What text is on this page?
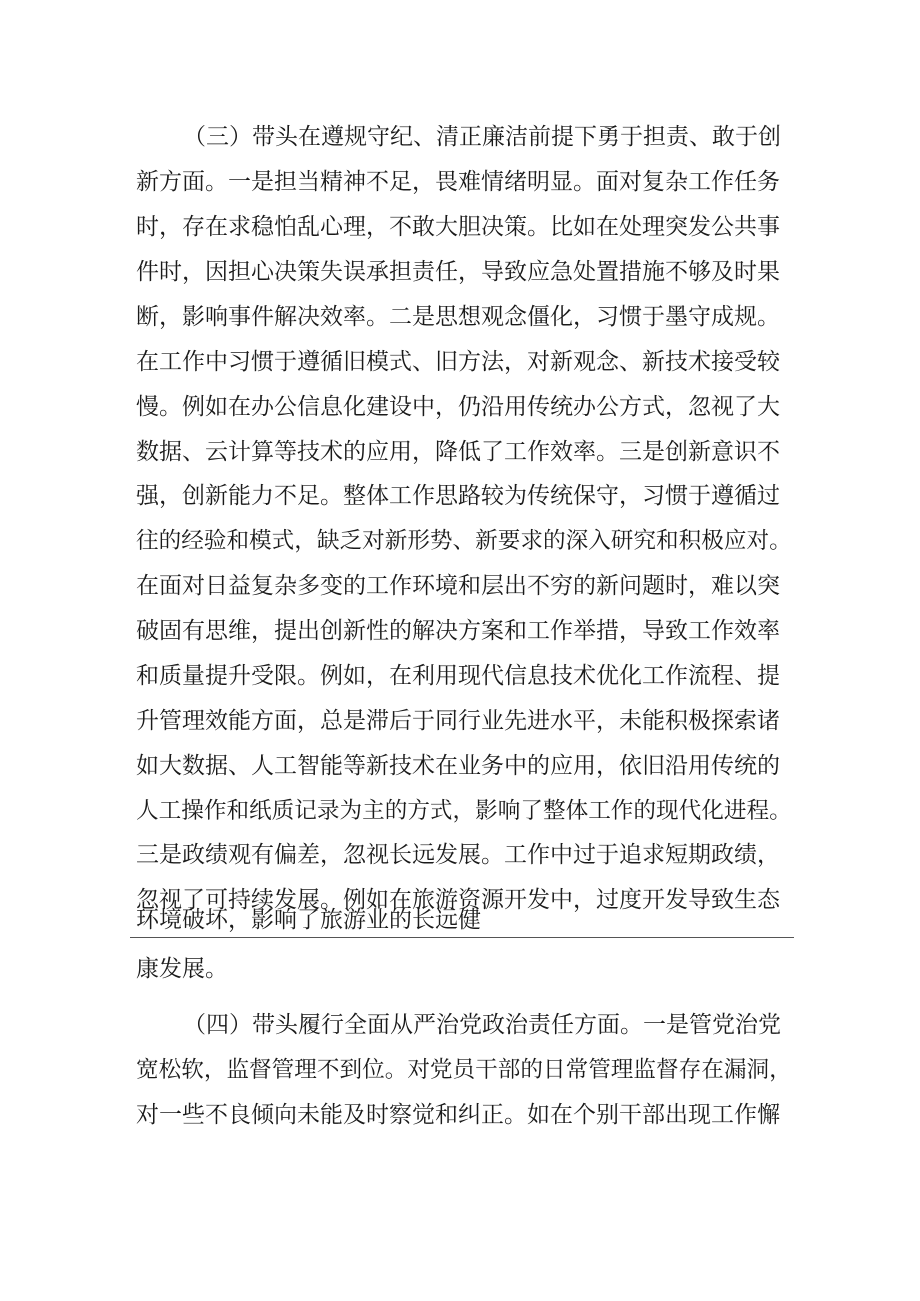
（三）带头在遵规守纪、清正廉洁前提下勇于担责、敢于创
新方面。一是担当精神不足，畏难情绪明显。面对复杂工作任务
时，存在求稳怕乱心理，不敢大胆决策。比如在处理突发公共事
件时，因担心决策失误承担责任，导致应急处置措施不够及时果
断，影响事件解决效率。二是思想观念僵化，习惯于墨守成规。
在工作中习惯于遵循旧模式、旧方法，对新观念、新技术接受较
慢。例如在办公信息化建设中，仍沿用传统办公方式，忽视了大
数据、云计算等技术的应用，降低了工作效率。三是创新意识不
强，创新能力不足。整体工作思路较为传统保守，习惯于遵循过
往的经验和模式，缺乏对新形势、新要求的深入研究和积极应对。
在面对日益复杂多变的工作环境和层出不穷的新问题时，难以突
破固有思维，提出创新性的解决方案和工作举措，导致工作效率
和质量提升受限。例如，在利用现代信息技术优化工作流程、提
升管理效能方面，总是滞后于同行业先进水平，未能积极探索诸
如大数据、人工智能等新技术在业务中的应用，依旧沿用传统的
人工操作和纸质记录为主的方式，影响了整体工作的现代化进程。
三是政绩观有偏差，忽视长远发展。工作中过于追求短期政绩，
忽视了可持续发展。例如在旅游资源开发中，过度开发导致生态
环境破坏，影响了旅游业的长远健
康发展。
（四）带头履行全面从严治党政治责任方面。一是管党治党
宽松软，监督管理不到位。对党员干部的日常管理监督存在漏洞，
对一些不良倾向未能及时察觉和纠正。如在个别干部出现工作懈
